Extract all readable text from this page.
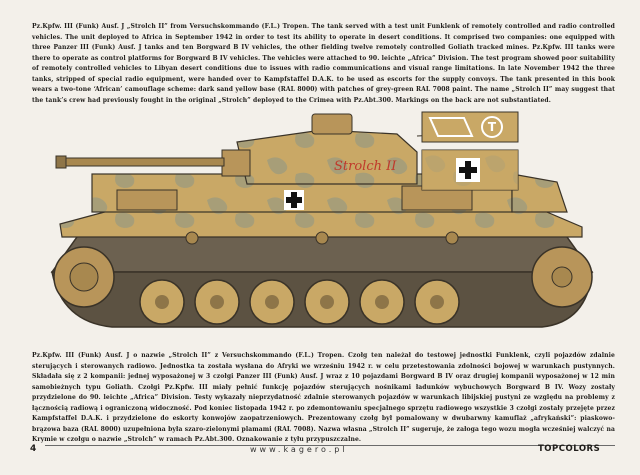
Pz.Kpfw. III (Funk) Ausf. J „Strolch II” from Versuchskommando (F.L.) Tropen. The tank served with a test unit Funklenk of remotely controlled and radio controlled vehicles. The unit deployed to Africa in September 1942 in order to test its ability to operate in desert conditions. It comprised two companies: one equipped with three Panzer III (Funk) Ausf. J tanks and ten Borgward B IV vehicles, the other fielding twelve remotely controlled Goliath tracked mines. Pz.Kpfw. III tanks were there to operate as control platforms for Borgward B IV vehicles. The vehicles were attached to 90. leichte „Africa” Division. The test program showed poor suitability of remotely controlled vehicles to Libyan desert conditions due to issues with radio communications and visual range limitations. In late November 1942 the three tanks, stripped of special radio equipment, were handed over to Kampfstaffel D.A.K. to be used as escorts for the supply convoys. The tank presented in this book wears a two-tone ‘African’ camouflage scheme: dark sand yellow base (RAL 8000) with patches of grey-green RAL 7008 paint. The name „Strolch II” may suggest that the tank’s crew had previously fought in the original „Strolch” deployed to the Crimea with Pz.Abt.300. Markings on the back are not substantiated.
Strolch II
T
Pz.Kpfw. III (Funk) Ausf. J o nazwie „Strolch II” z Versuchskommando (F.L.) Tropen. Czołg ten należał do testowej jednostki Funklenk, czyli pojazdów zdalnie sterujących i sterowanych radiowo. Jednostka ta została wysłana do Afryki we wrześniu 1942 r. w celu przetestowania zdolności bojowej w warunkach pustynnych. Składała się z 2 kompanii: jednej wyposażonej w 3 czołgi Panzer III (Funk) Ausf. J wraz z 10 pojazdami Borgward B IV oraz drugiej kompanii wyposażonej w 12 min samobieżnych typu Goliath. Czołgi Pz.Kpfw. III miały pełnić funkcję pojazdów sterujących nośnikami ładunków wybuchowych Borgward B IV. Wozy zostały przydzielone do 90. leichte „Africa” Division. Testy wykazały nieprzydatność zdalnie sterowanych pojazdów w warunkach libijskiej pustyni ze względu na problemy z łącznością radiową i ograniczoną widoczność. Pod koniec listopada 1942 r. po zdemontowaniu specjalnego sprzętu radiowego wszystkie 3 czołgi zostały przejęte przez Kampfstaffel D.A.K. i przydzielone do eskorty konwojów zaopatrzeniowych. Prezentowany czołg był pomalowany w dwubarwny kamuflaż „afrykański”: piaskowo-brązowa baza (RAL 8000) uzupełniona była szaro-zielonymi plamami (RAL 7008). Nazwa własna „Strolch II” sugeruje, że załoga tego wozu mogła wcześniej walczyć na Krymie w czołgu o nazwie „Strolch” w ramach Pz.Abt.300. Oznakowanie z tyłu przypuszczalne.
4	www.kagero.pl	TOPCOLORS
